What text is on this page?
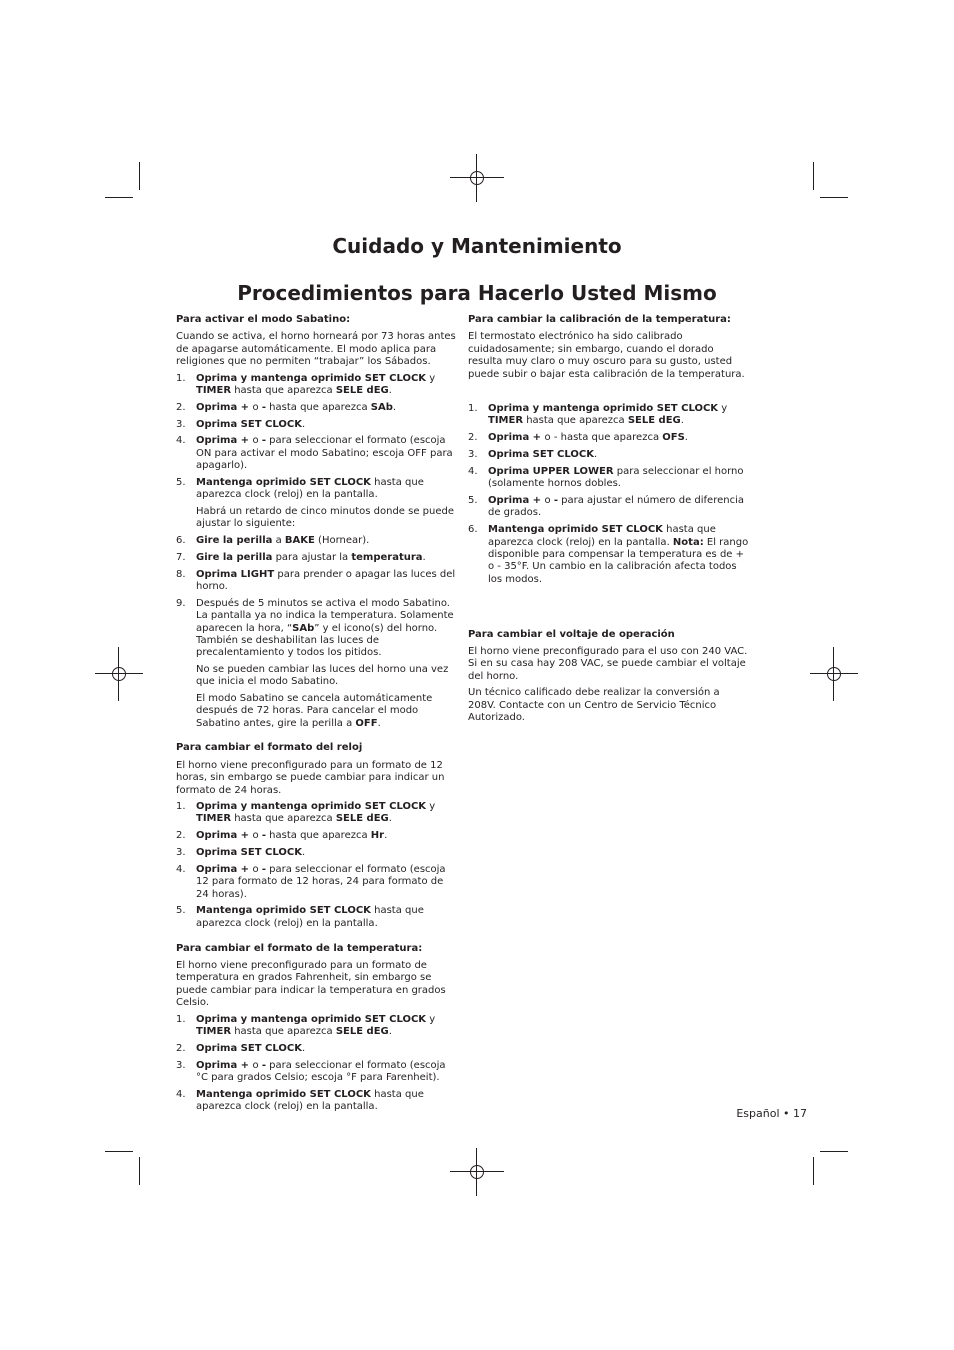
Cuidado y Mantenimiento
Procedimientos para Hacerlo Usted Mismo
Para activar el modo Sabatino:
Cuando se activa, el horno horneará por 73 horas antes de apagarse automáticamente. El modo aplica para religiones que no permiten “trabajar” los Sábados.
1. Oprima y mantenga oprimido SET CLOCK y TIMER hasta que aparezca SELE dEG.
2. Oprima + o - hasta que aparezca SAb.
3. Oprima SET CLOCK.
4. Oprima + o - para seleccionar el formato (escoja ON para activar el modo Sabatino; escoja OFF para apagarlo).
5. Mantenga oprimido SET CLOCK hasta que aparezca clock (reloj) en la pantalla.
Habrá un retardo de cinco minutos donde se puede ajustar lo siguiente:
6. Gire la perilla a BAKE (Hornear).
7. Gire la perilla para ajustar la temperatura.
8. Oprima LIGHT para prender o apagar las luces del horno.
9. Después de 5 minutos se activa el modo Sabatino. La pantalla ya no indica la temperatura. Solamente aparecen la hora, “SAb” y el icono(s) del horno. También se deshabilitan las luces de precalentamiento y todos los pitidos.
No se pueden cambiar las luces del horno una vez que inicia el modo Sabatino.
El modo Sabatino se cancela automáticamente después de 72 horas. Para cancelar el modo Sabatino antes, gire la perilla a OFF.
Para cambiar el formato del reloj
El horno viene preconfigurado para un formato de 12 horas, sin embargo se puede cambiar para indicar un formato de 24 horas.
1. Oprima y mantenga oprimido SET CLOCK y TIMER hasta que aparezca SELE dEG.
2. Oprima + o - hasta que aparezca Hr.
3. Oprima SET CLOCK.
4. Oprima + o - para seleccionar el formato (escoja 12 para formato de 12 horas, 24 para formato de 24 horas).
5. Mantenga oprimido SET CLOCK hasta que aparezca clock (reloj) en la pantalla.
Para cambiar el formato de la temperatura:
El horno viene preconfigurado para un formato de temperatura en grados Fahrenheit, sin embargo se puede cambiar para indicar la temperatura en grados Celsio.
1. Oprima y mantenga oprimido SET CLOCK y TIMER hasta que aparezca SELE dEG.
2. Oprima SET CLOCK.
3. Oprima + o - para seleccionar el formato (escoja °C para grados Celsio; escoja °F para Farenheit).
4. Mantenga oprimido SET CLOCK hasta que aparezca clock (reloj) en la pantalla.
Para cambiar la calibración de la temperatura:
El termostato electrónico ha sido calibrado cuidadosamente; sin embargo, cuando el dorado resulta muy claro o muy oscuro para su gusto, usted puede subir o bajar esta calibración de la temperatura.
1. Oprima y mantenga oprimido SET CLOCK y TIMER hasta que aparezca SELE dEG.
2. Oprima + o - hasta que aparezca OFS.
3. Oprima SET CLOCK.
4. Oprima UPPER LOWER para seleccionar el horno (solamente hornos dobles.
5. Oprima + o - para ajustar el número de diferencia de grados.
6. Mantenga oprimido SET CLOCK hasta que aparezca clock (reloj) en la pantalla. Nota: El rango disponible para compensar la temperatura es de + o - 35°F. Un cambio en la calibración afecta todos los modos.
Para cambiar el voltaje de operación
El horno viene preconfigurado para el uso con 240 VAC. Si en su casa hay 208 VAC, se puede cambiar el voltaje del horno.
Un técnico calificado debe realizar la conversión a 208V. Contacte con un Centro de Servicio Técnico Autorizado.
Español • 17
